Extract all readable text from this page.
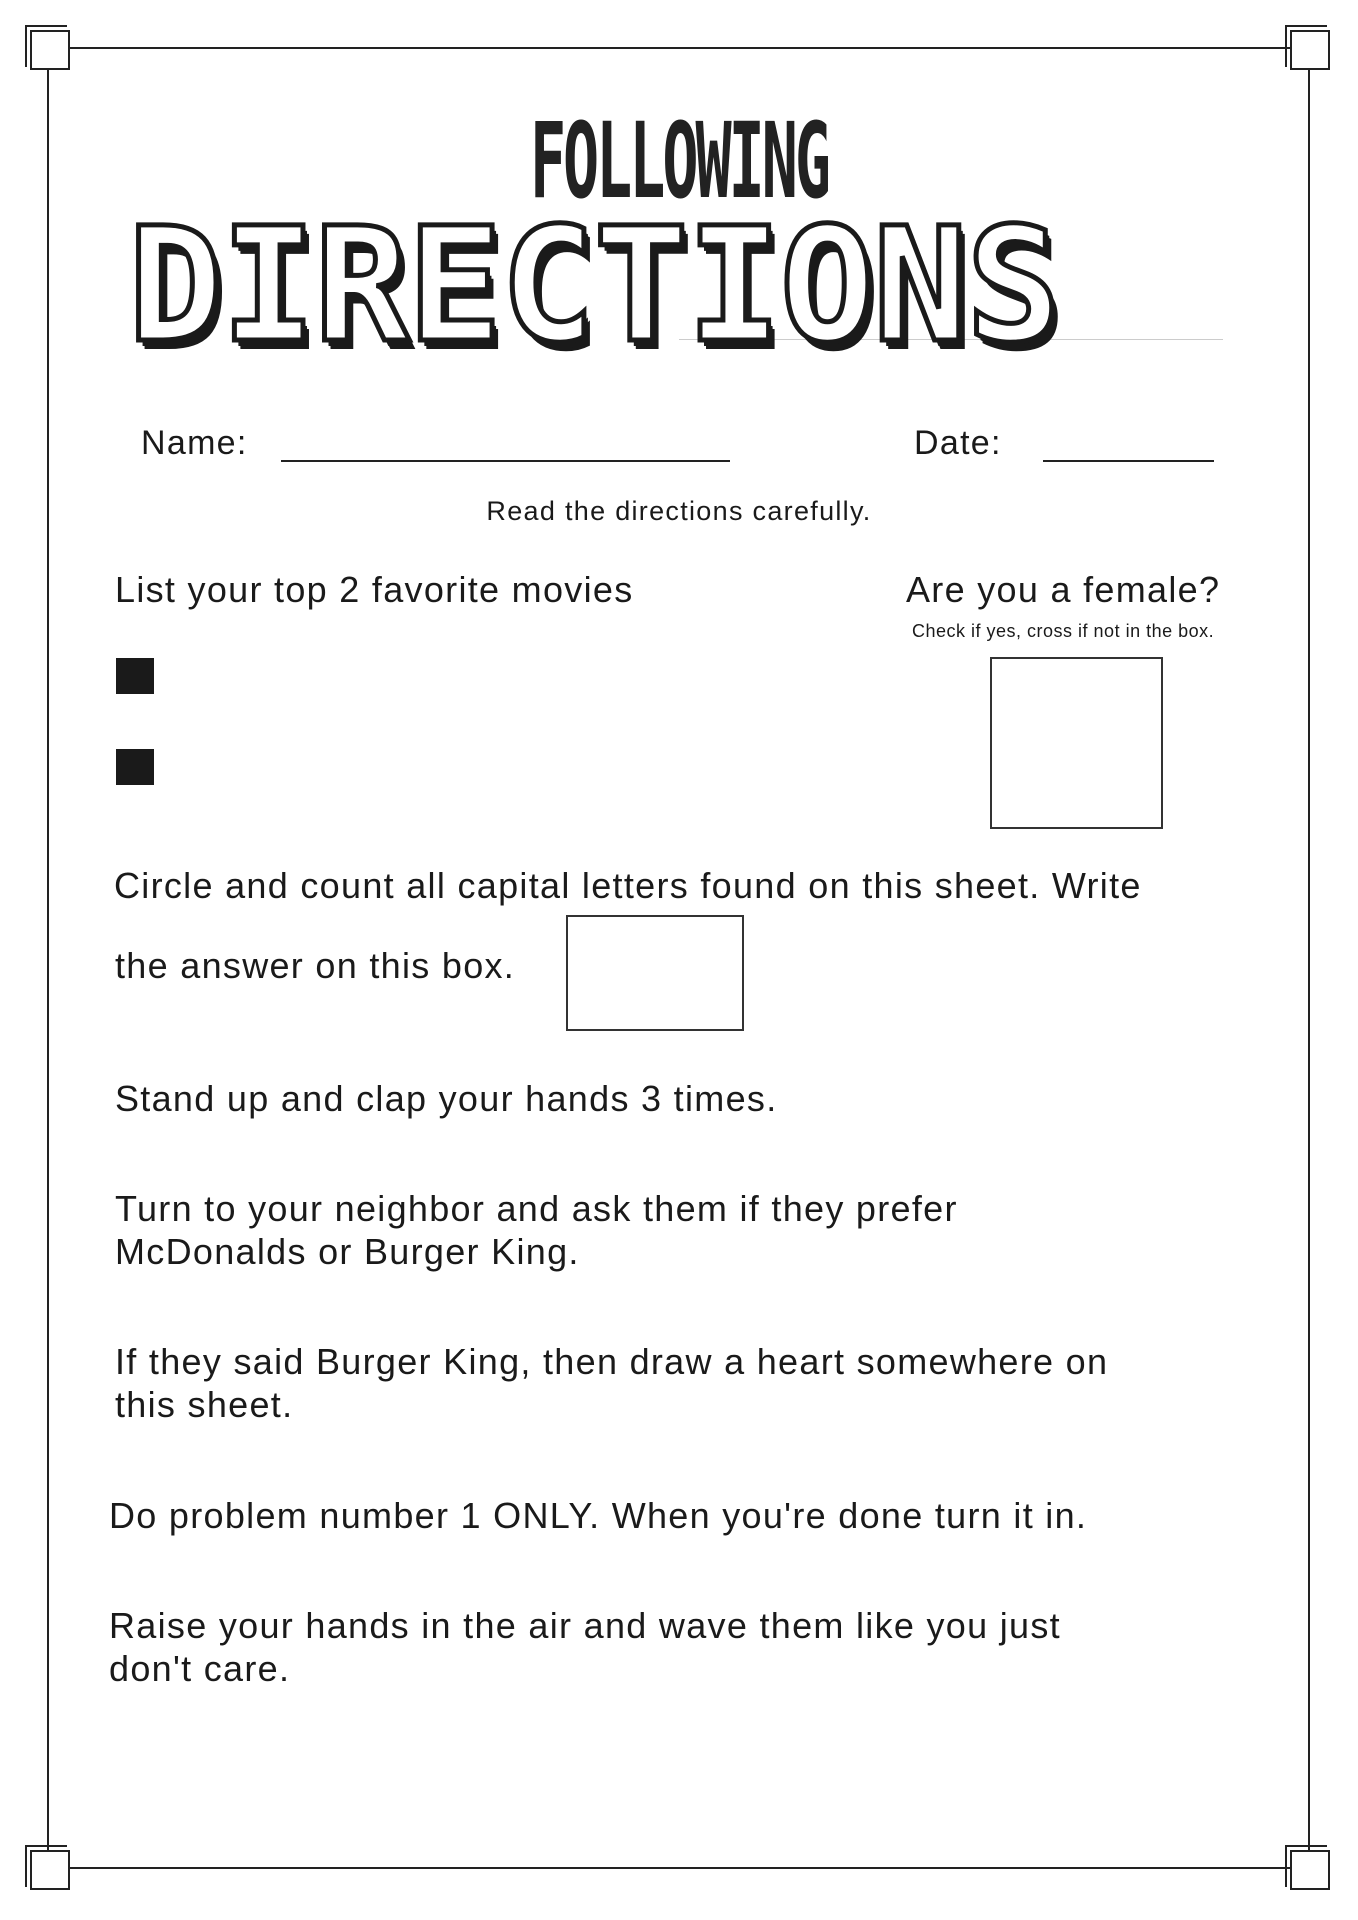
FOLLOWING
DIRECTIONS
Name:	Date:
Read the directions carefully.
List your top 2 favorite movies	Are you a female?
Check if yes, cross if not in the box.
Circle and count all capital letters found on this sheet. Write
the answer on this box.
Stand up and clap your hands 3 times.
Turn to your neighbor and ask them if they prefer
McDonalds or Burger King.
If they said Burger King, then draw a heart somewhere on
this sheet.
Do problem number 1 ONLY. When you're done turn it in.
Raise your hands in the air and wave them like you just
don't care.
